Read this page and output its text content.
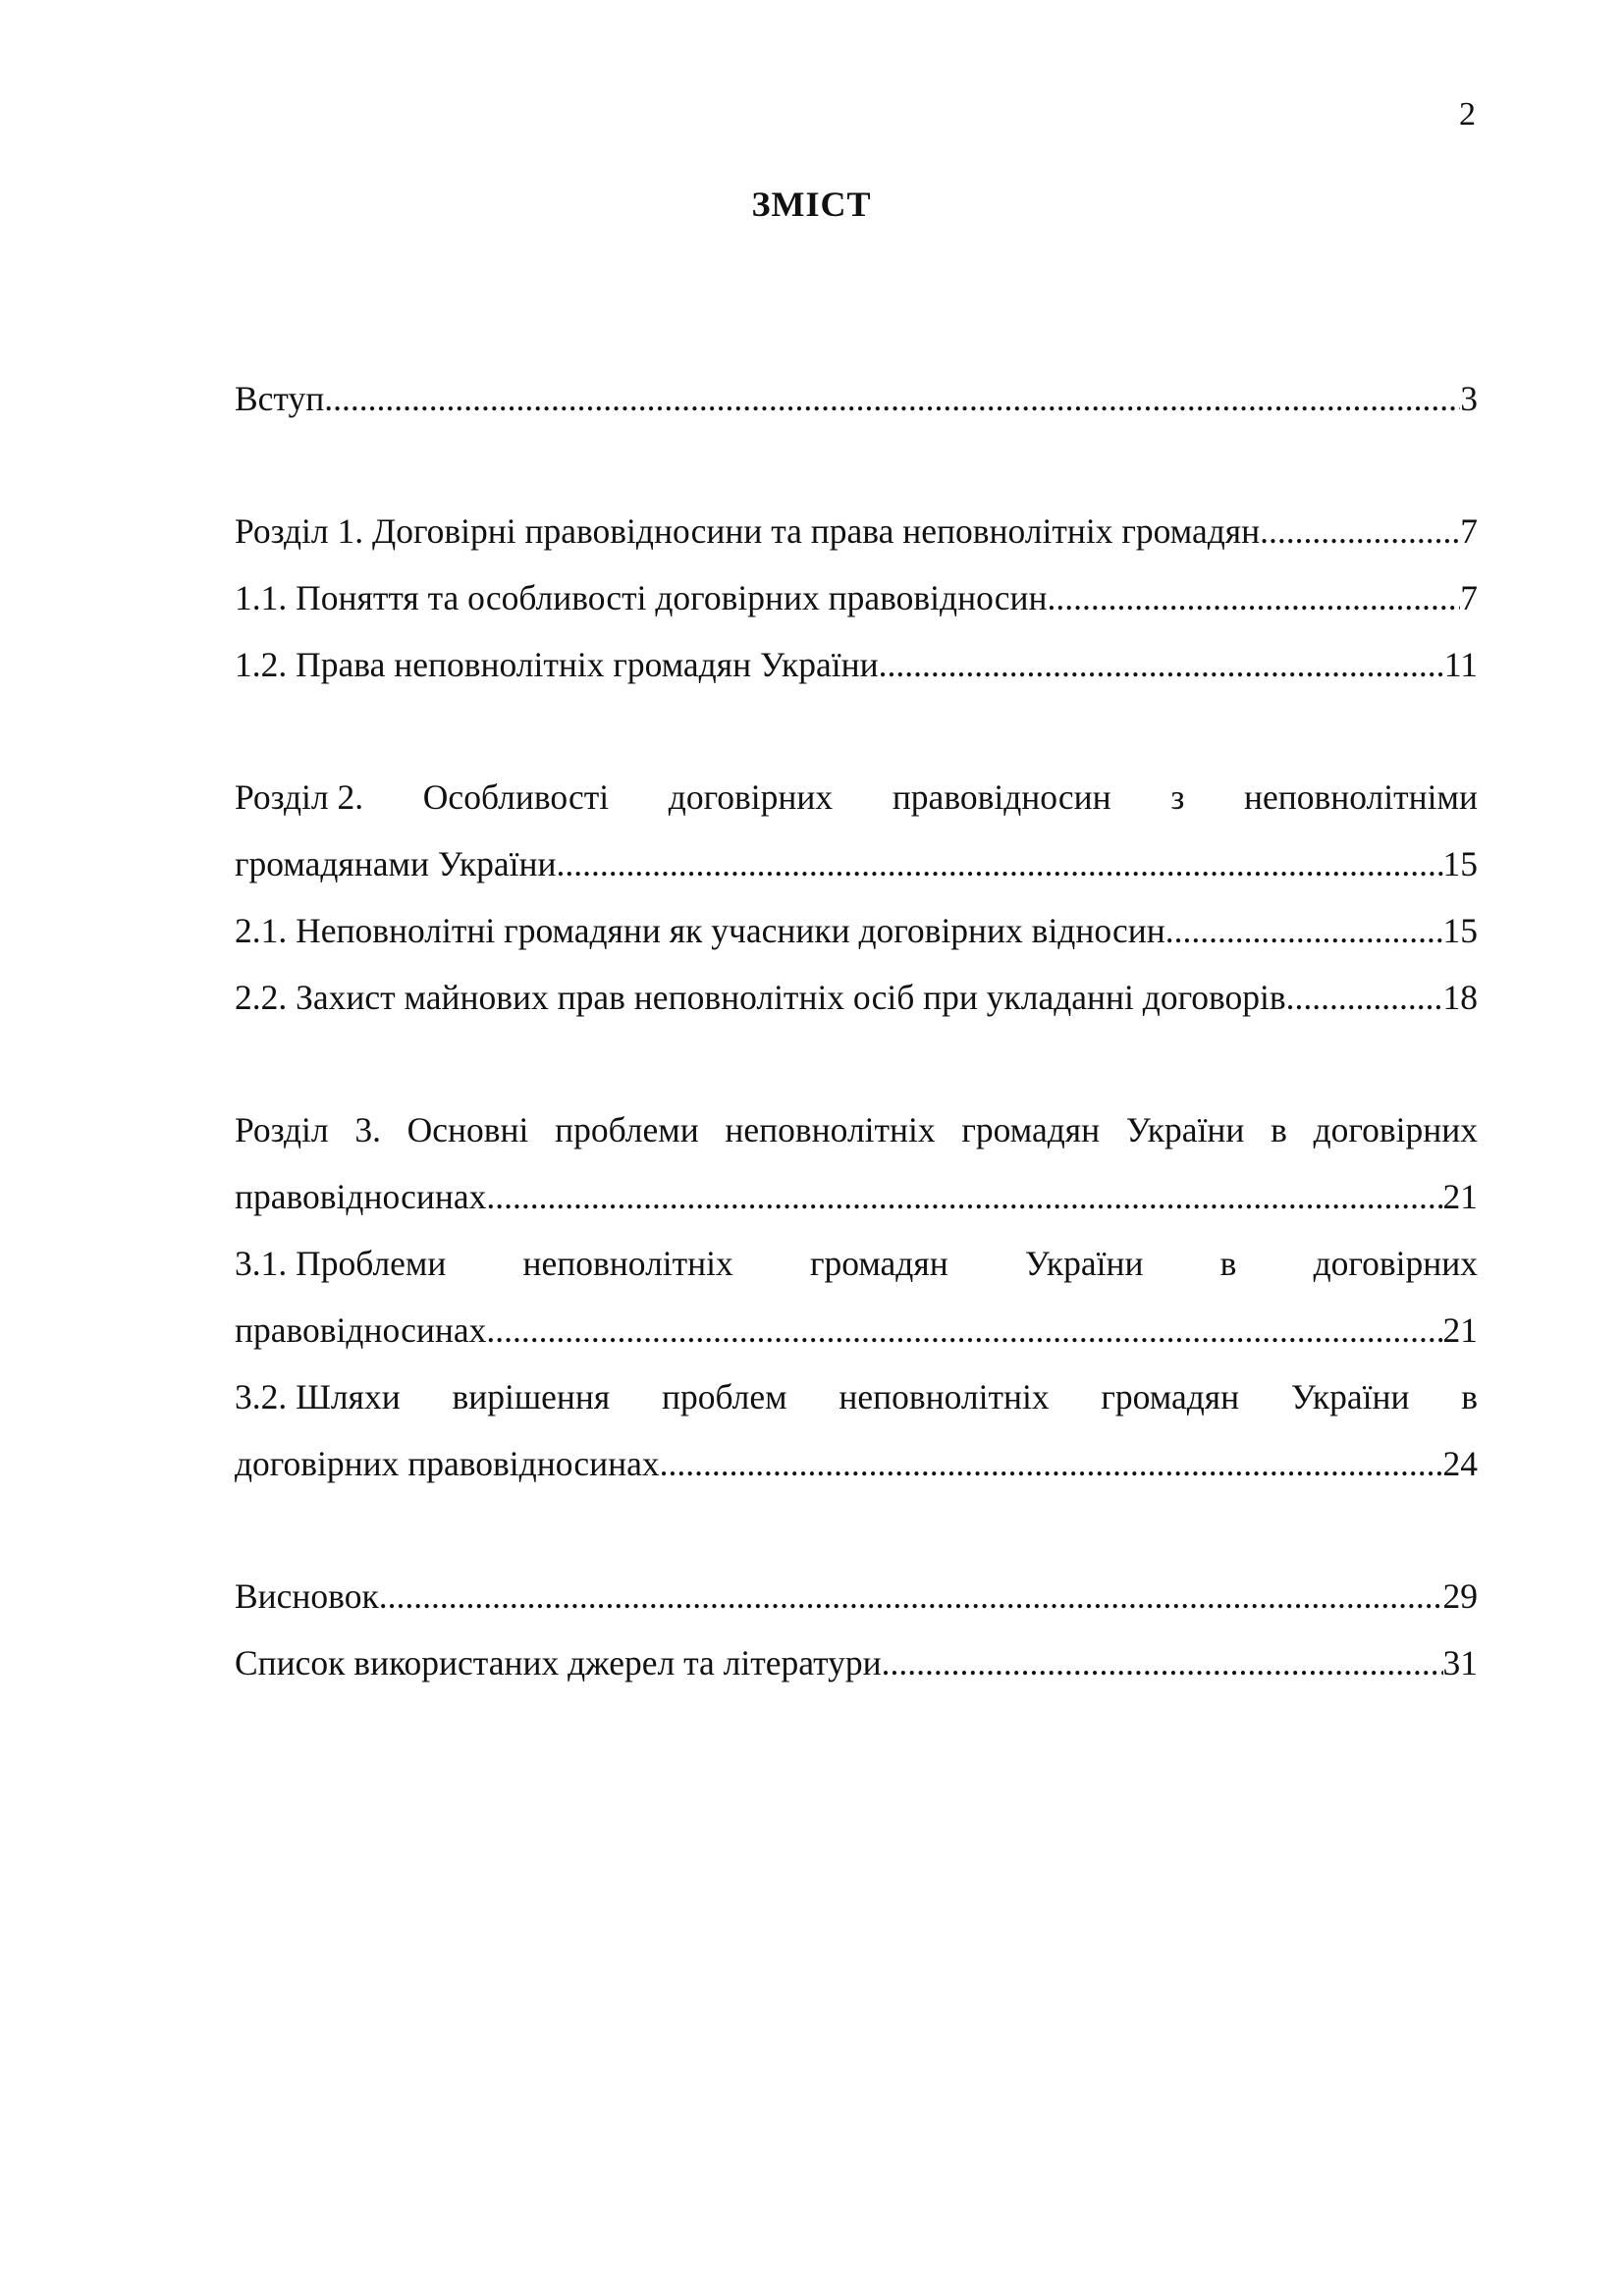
2
ЗМІСТ
Вступ .....	3
Розділ 1. Договірні правовідносини та права неповнолітніх громадян .....	7
1.1. Поняття та особливості договірних правовідносин .....	7
1.2. Права неповнолітніх громадян України .....	11
Розділ 2. Особливості договірних правовідносин з неповнолітніми
громадянами України .....	15
2.1. Неповнолітні громадяни як учасники договірних відносин .....	15
2.2. Захист майнових прав неповнолітніх осіб при укладанні договорів .....	18
Розділ 3. Основні проблеми неповнолітніх громадян України в договірних
правовідносинах .....	21
3.1. Проблеми неповнолітніх громадян України в договірних
правовідносинах .....	21
3.2. Шляхи вирішення проблем неповнолітніх громадян України в
договірних правовідносинах .....	24
Висновок .....	29
Список використаних джерел та літератури .....	31
